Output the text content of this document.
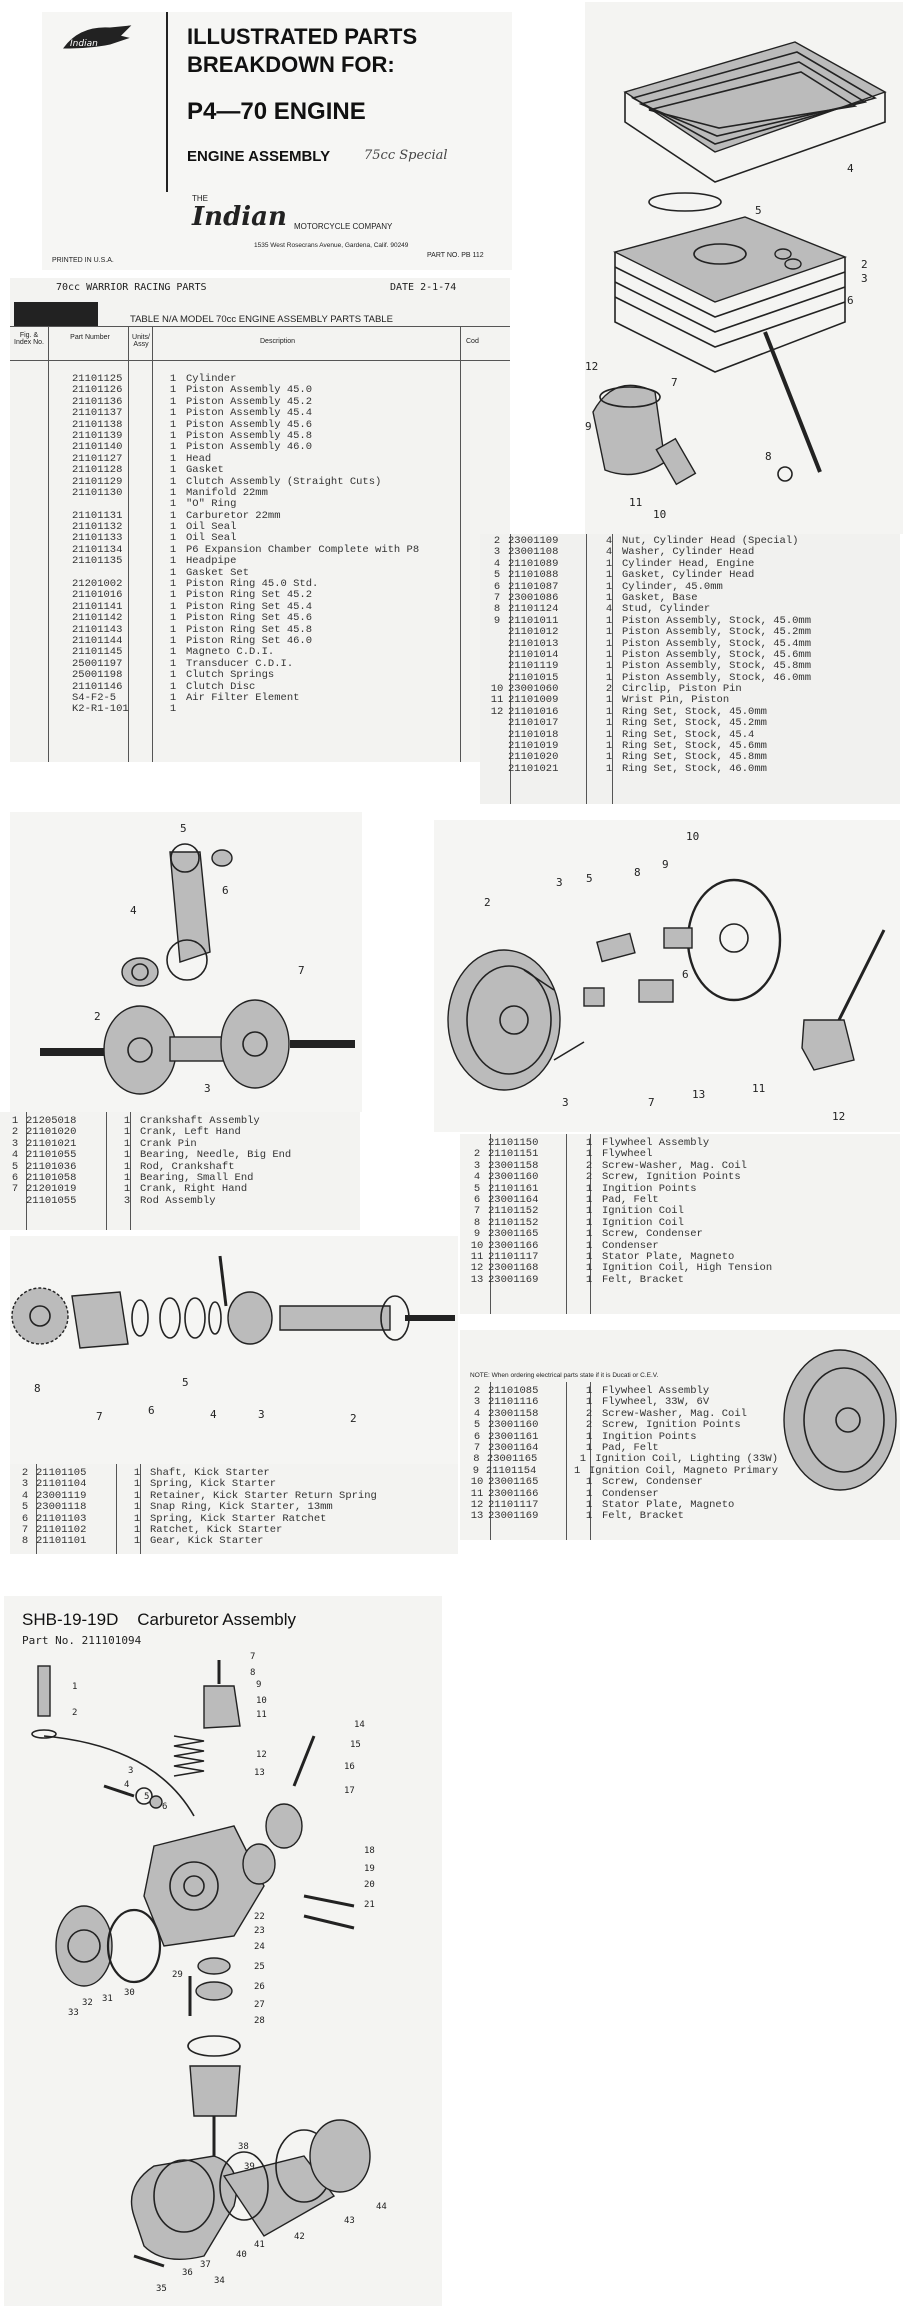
Indian	ILLUSTRATED PARTS
BREAKDOWN FOR:
P4—70 ENGINE
ENGINE ASSEMBLY	75cc Special
THE
Indian MOTORCYCLE COMPANY
1535 West Rosecrans Avenue, Gardena, Calif. 90249
PART NO. PB 112
PRINTED IN U.S.A.	2
3
4
5
6
7
8
9
10
11
12
70cc WARRIOR RACING PARTS	DATE 2-1-74
TABLE N/A MODEL 70cc ENGINE ASSEMBLY PARTS TABLE
Fig. & Index No.
Part Number	Units/ Assy	Description	Cod
21101125	1 Cylinder
21101126	1 Piston Assembly 45.0
21101136	1 Piston Assembly 45.2
21101137	1 Piston Assembly 45.4
21101138	1 Piston Assembly 45.6
21101139	1 Piston Assembly 45.8
21101140	1 Piston Assembly 46.0
21101127	1 Head
21101128	1 Gasket
21101129	1 Clutch Assembly (Straight Cuts)
21101130	1 Manifold 22mm
1 "O" Ring
21101131	1 Carburetor 22mm
21101132	1 Oil Seal
21101133	1 Oil Seal
21101134	1 P6 Expansion Chamber Complete with P8
21101135	1 Headpipe
1 Gasket Set
21201002	1 Piston Ring 45.0 Std.
21101016	1 Piston Ring Set 45.2
21101141	1 Piston Ring Set 45.4
21101142	1 Piston Ring Set 45.6
21101143	1 Piston Ring Set 45.8
21101144	1 Piston Ring Set 46.0
21101145	1 Magneto C.D.I.
25001197	1 Transducer C.D.I.
25001198	1 Clutch Springs
21101146	1 Clutch Disc
S4-F2-5	1 Air Filter Element
K2-R1-101	1
2 23001109	4 Nut, Cylinder Head (Special)
3 23001108	4 Washer, Cylinder Head
4 21101089	1 Cylinder Head, Engine
5 21101088	1 Gasket, Cylinder Head
6 21101087	1 Cylinder, 45.0mm
7 23001086	1 Gasket, Base
8 21101124	4 Stud, Cylinder
9 21101011	1 Piston Assembly, Stock, 45.0mm
21101012	1 Piston Assembly, Stock, 45.2mm
21101013	1 Piston Assembly, Stock, 45.4mm
21101014	1 Piston Assembly, Stock, 45.6mm
21101119	1 Piston Assembly, Stock, 45.8mm
21101015	1 Piston Assembly, Stock, 46.0mm
10 23001060	2 Circlip, Piston Pin
11 21101009	1 Wrist Pin, Piston
12 21101016	1 Ring Set, Stock, 45.0mm
21101017	1 Ring Set, Stock, 45.2mm
21101018	1 Ring Set, Stock, 45.4
21101019	1 Ring Set, Stock, 45.6mm
21101020	1 Ring Set, Stock, 45.8mm
21101021	1 Ring Set, Stock, 46.0mm
5
6
4
2
7
3
1 21205018	1 Crankshaft Assembly
2 21101020	1 Crank, Left Hand
3 21101021	1 Crank Pin
4 21101055	1 Bearing, Needle, Big End
5 21101036	1 Rod, Crankshaft
6 21101058	1 Bearing, Small End
7 21201019	1 Crank, Right Hand
21101055	3 Rod Assembly
2
3
3
5
6
7
8
9
10
11
12
13
21101150	1 Flywheel Assembly
2 21101151	1 Flywheel
3 23001158	2 Screw-Washer, Mag. Coil
4 23001160	2 Screw, Ignition Points
5 21101161	1 Ingition Points
6 23001164	1 Pad, Felt
7 21101152	1 Ignition Coil
8 21101152	1 Ignition Coil
9 23001165	1 Screw, Condenser
10 23001166	1 Condenser
11 21101117	1 Stator Plate, Magneto
12 23001168	1 Ignition Coil, High Tension
13 23001169	1 Felt, Bracket
8
7	6
5
4	3	2
2 21101105	1 Shaft, Kick Starter
3 21101104	1 Spring, Kick Starter
4 23001119	1 Retainer, Kick Starter Return Spring
5 23001118	1 Snap Ring, Kick Starter, 13mm
6 21101103	1 Spring, Kick Starter Ratchet
7 21101102	1 Ratchet, Kick Starter
8 21101101	1 Gear, Kick Starter
NOTE: When ordering electrical parts state if it is Ducati or C.E.V.
2 21101085	1 Flywheel Assembly
3 21101116	1 Flywheel, 33W, 6V
4 23001158	2 Screw-Washer, Mag. Coil
5 23001160	2 Screw, Ignition Points
6 23001161	1 Ingition Points
7 23001164	1 Pad, Felt
8 23001165	1 Ignition Coil, Lighting (33W)
9 21101154	1 Ignition Coil, Magneto Primary
10 23001165	1 Screw, Condenser
11 23001166	1 Condenser
12 21101117	1 Stator Plate, Magneto
13 23001169	1 Felt, Bracket
SHB-19-19D    Carburetor Assembly
Part No. 211101094
1
2
3
4
5
6
7
8
9
10
11
12
13
14
15
16
17
18
19
20
21
22
23
24
25
26
27
28
29
30
31
32
33
34
35
36
37
38
39
40
41
42
43
44
